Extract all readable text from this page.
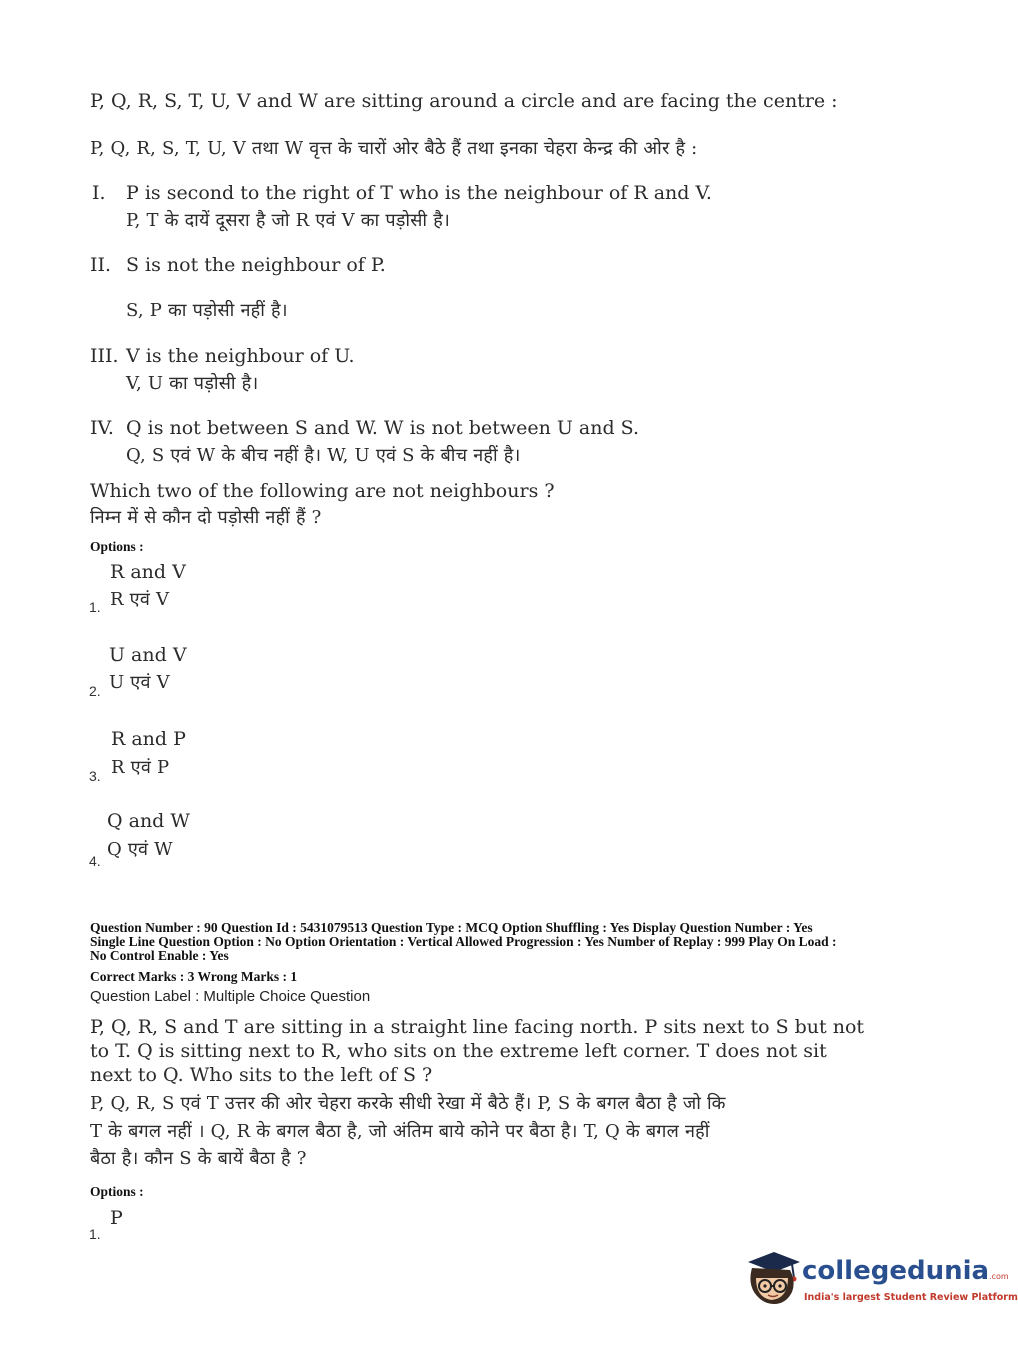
P, Q, R, S, T, U, V and W are sitting around a circle and are facing the centre :
P, Q, R, S, T, U, V तथा W वृत्त के चारों ओर बैठे हैं तथा इनका चेहरा केन्द्र की ओर है :
I. P is second to the right of T who is the neighbour of R and V.
P, T के दायें दूसरा है जो R एवं V का पड़ोसी है।
II. S is not the neighbour of P.
S, P का पड़ोसी नहीं है।
III. V is the neighbour of U.
V, U का पड़ोसी है।
IV. Q is not between S and W. W is not between U and S.
Q, S एवं W के बीच नहीं है। W, U एवं S के बीच नहीं है।
Which two of the following are not neighbours ?
निम्न में से कौन दो पड़ोसी नहीं हैं ?
Options :
R and V
R एवं V
1.
U and V
U एवं V
2.
R and P
R एवं P
3.
Q and W
Q एवं W
4.
Question Number : 90 Question Id : 5431079513 Question Type : MCQ Option Shuffling : Yes Display Question Number : Yes
Single Line Question Option : No Option Orientation : Vertical Allowed Progression : Yes Number of Replay : 999 Play On Load :
No Control Enable : Yes
Correct Marks : 3 Wrong Marks : 1
Question Label : Multiple Choice Question
P, Q, R, S and T are sitting in a straight line facing north. P sits next to S but not
to T. Q is sitting next to R, who sits on the extreme left corner. T does not sit
next to Q. Who sits to the left of S ?
P, Q, R, S एवं T उत्तर की ओर चेहरा करके सीधी रेखा में बैठे हैं। P, S के बगल बैठा है जो कि
T के बगल नहीं । Q, R के बगल बैठा है, जो अंतिम बाये कोने पर बैठा है। T, Q के बगल नहीं
बैठा है। कौन S के बायें बैठा है ?
Options :
P
1.
collegedunia.com
India's largest Student Review Platform
